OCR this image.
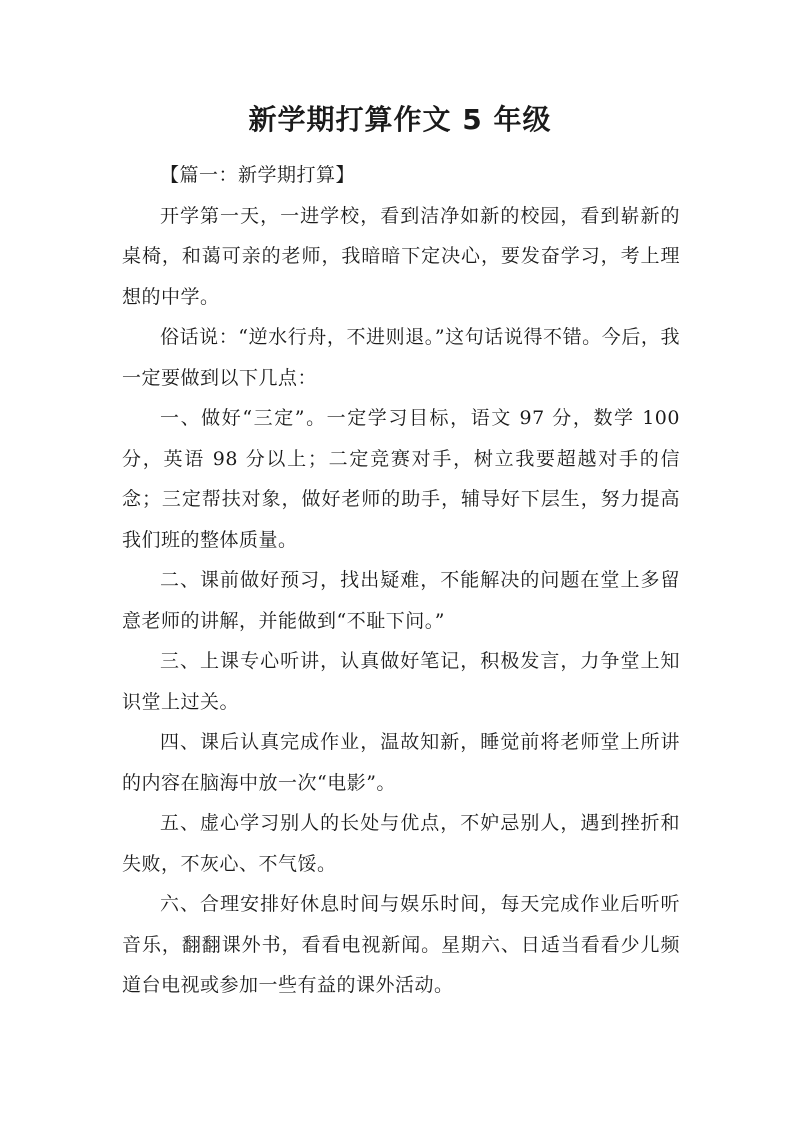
新学期打算作文 5 年级

【篇一：新学期打算】

开学第一天，一进学校，看到洁净如新的校园，看到崭新的桌椅，和蔼可亲的老师，我暗暗下定决心，要发奋学习，考上理想的中学。

俗话说：“逆水行舟，不进则退。”这句话说得不错。今后，我一定要做到以下几点：

一、做好“三定”。一定学习目标，语文 97 分，数学 100 分，英语 98 分以上；二定竞赛对手，树立我要超越对手的信念；三定帮扶对象，做好老师的助手，辅导好下层生，努力提高我们班的整体质量。

二、课前做好预习，找出疑难，不能解决的问题在堂上多留意老师的讲解，并能做到“不耻下问。”

三、上课专心听讲，认真做好笔记，积极发言，力争堂上知识堂上过关。

四、课后认真完成作业，温故知新，睡觉前将老师堂上所讲的内容在脑海中放一次“电影”。

五、虚心学习别人的长处与优点，不妒忌别人，遇到挫折和失败，不灰心、不气馁。

六、合理安排好休息时间与娱乐时间，每天完成作业后听听音乐，翻翻课外书，看看电视新闻。星期六、日适当看看少儿频道台电视或参加一些有益的课外活动。
